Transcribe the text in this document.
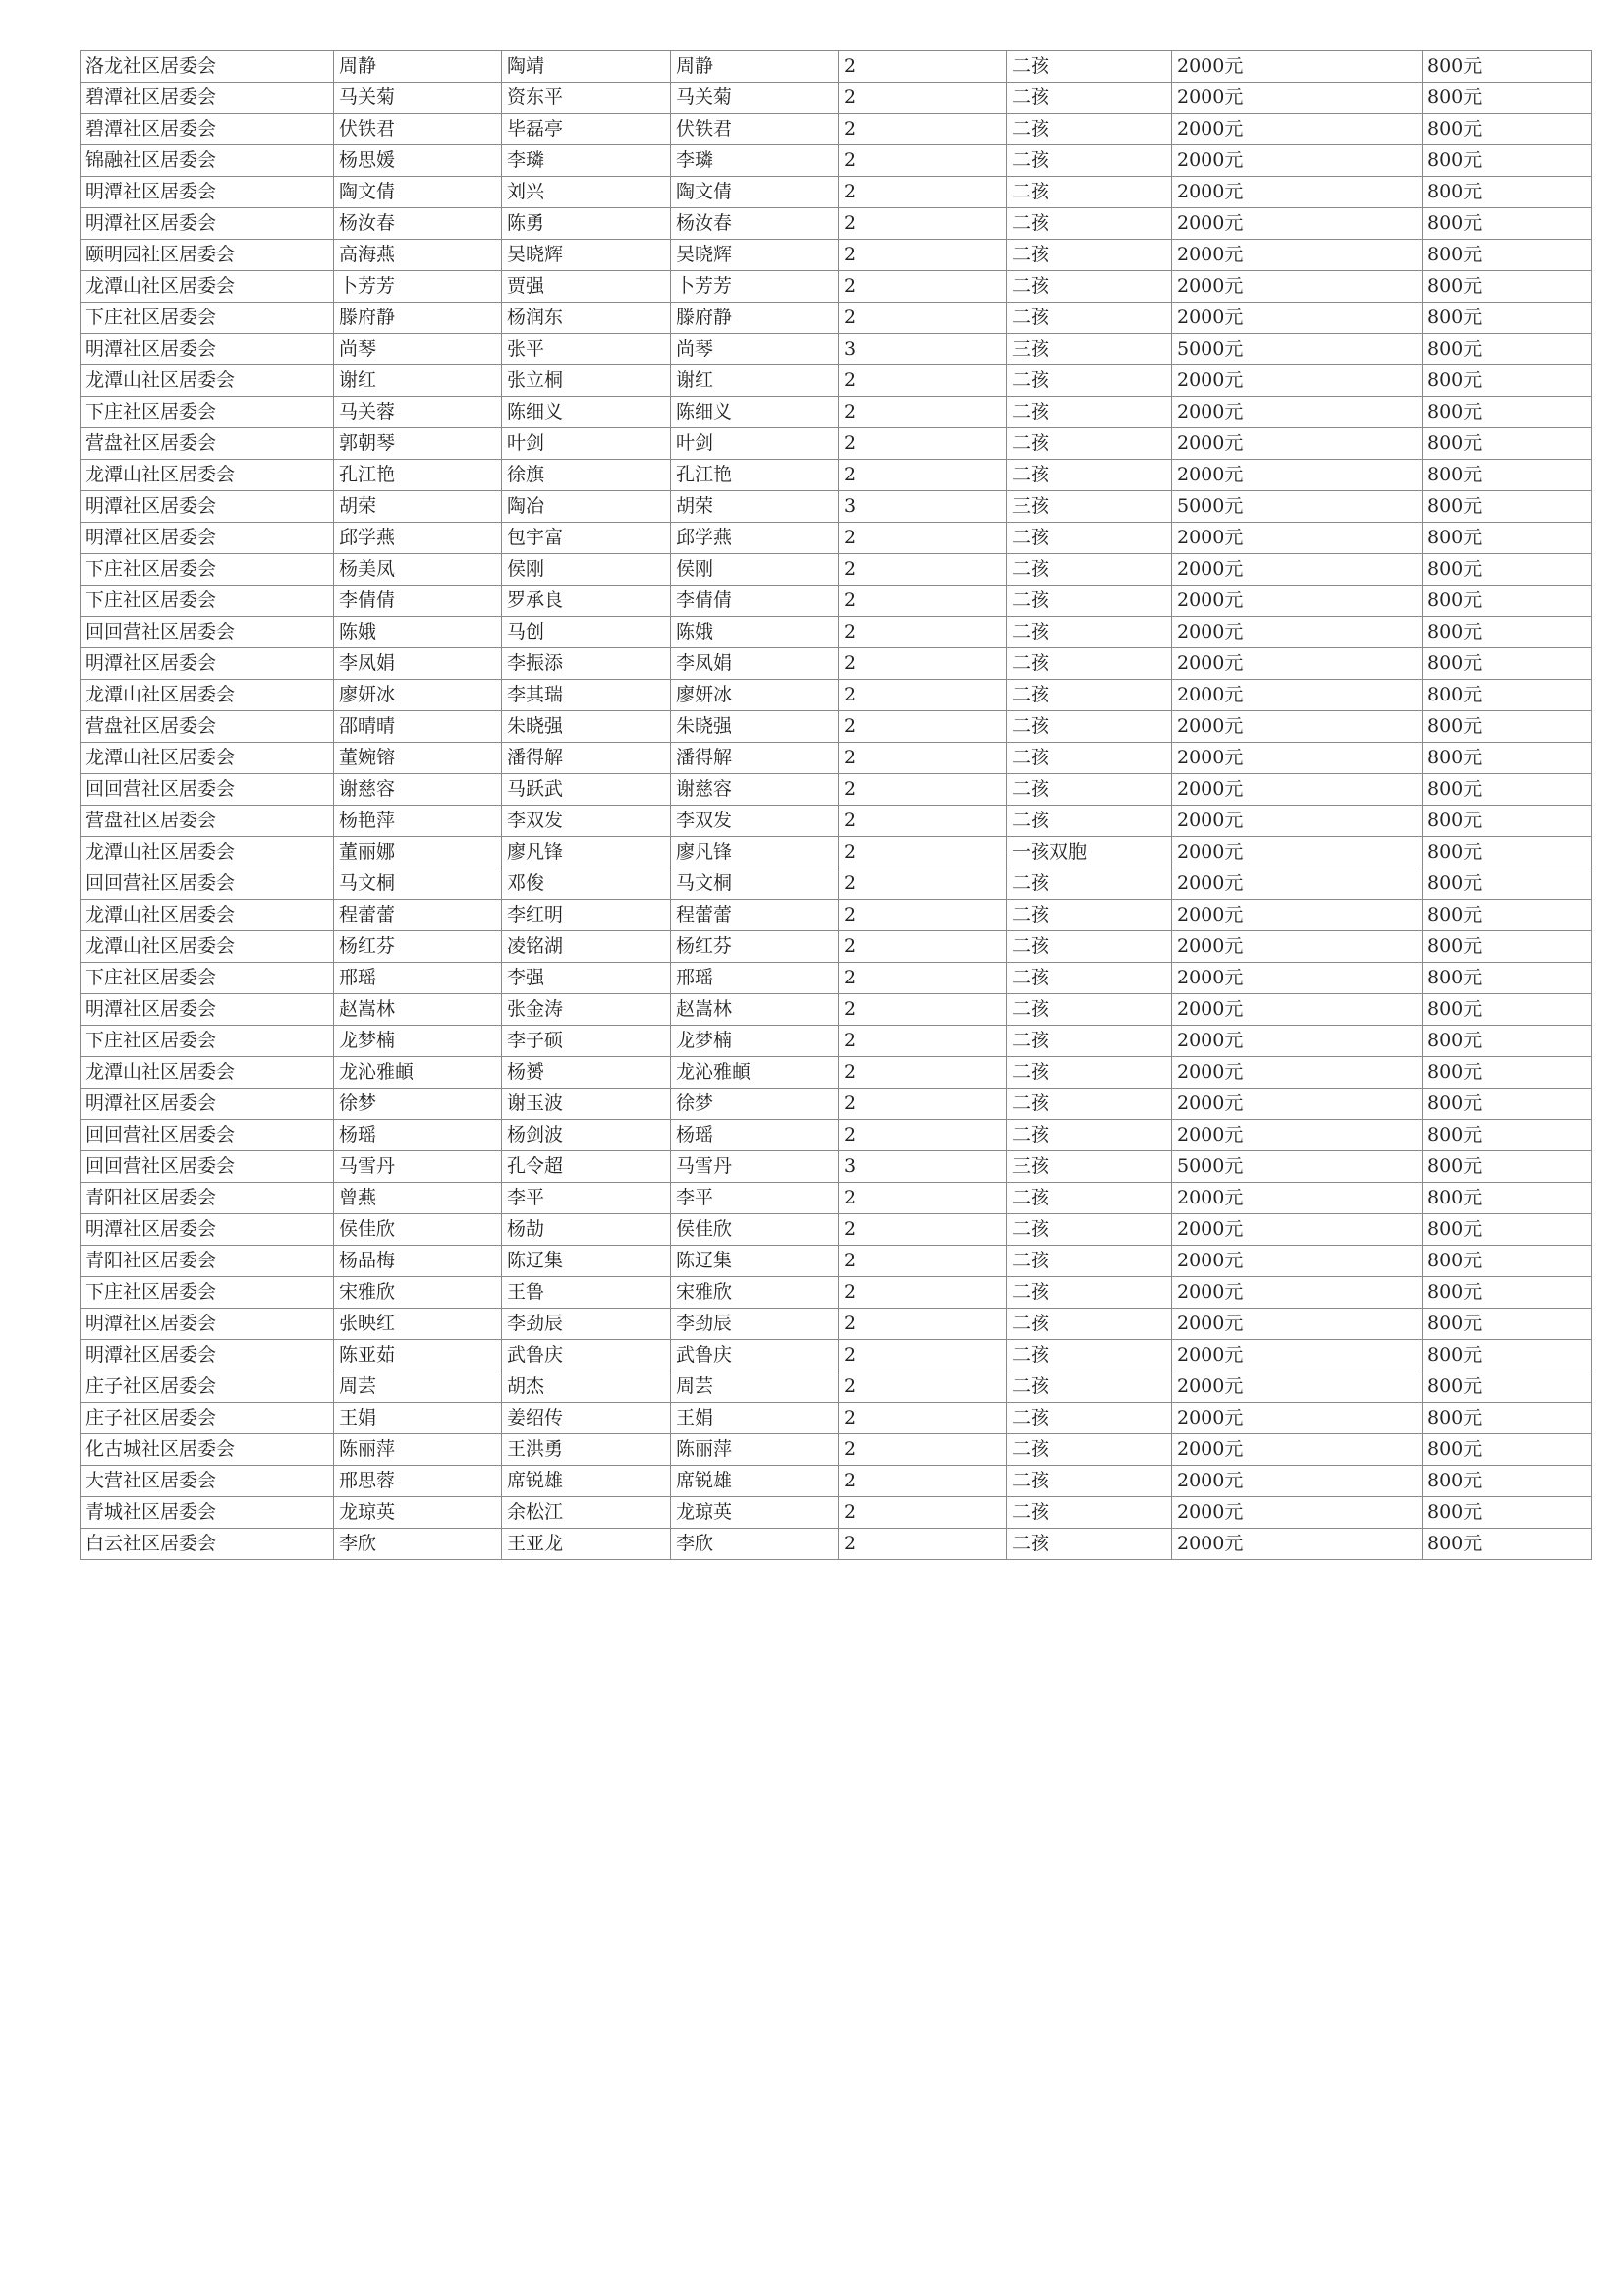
洛龙社区居委会	周静	陶靖	周静	2	二孩	2000元	800元
碧潭社区居委会	马关菊	资东平	马关菊	2	二孩	2000元	800元
碧潭社区居委会	伏铁君	毕磊亭	伏铁君	2	二孩	2000元	800元
锦融社区居委会	杨思媛	李璘	李璘	2	二孩	2000元	800元
明潭社区居委会	陶文倩	刘兴	陶文倩	2	二孩	2000元	800元
明潭社区居委会	杨汝春	陈勇	杨汝春	2	二孩	2000元	800元
颐明园社区居委会	高海燕	吴晓辉	吴晓辉	2	二孩	2000元	800元
龙潭山社区居委会	卜芳芳	贾强	卜芳芳	2	二孩	2000元	800元
下庄社区居委会	滕府静	杨润东	滕府静	2	二孩	2000元	800元
明潭社区居委会	尚琴	张平	尚琴	3	三孩	5000元	800元
龙潭山社区居委会	谢红	张立桐	谢红	2	二孩	2000元	800元
下庄社区居委会	马关蓉	陈细义	陈细义	2	二孩	2000元	800元
营盘社区居委会	郭朝琴	叶剑	叶剑	2	二孩	2000元	800元
龙潭山社区居委会	孔江艳	徐旗	孔江艳	2	二孩	2000元	800元
明潭社区居委会	胡荣	陶冶	胡荣	3	三孩	5000元	800元
明潭社区居委会	邱学燕	包宇富	邱学燕	2	二孩	2000元	800元
下庄社区居委会	杨美凤	侯刚	侯刚	2	二孩	2000元	800元
下庄社区居委会	李倩倩	罗承良	李倩倩	2	二孩	2000元	800元
回回营社区居委会	陈娥	马创	陈娥	2	二孩	2000元	800元
明潭社区居委会	李凤娟	李振添	李凤娟	2	二孩	2000元	800元
龙潭山社区居委会	廖妍冰	李其瑞	廖妍冰	2	二孩	2000元	800元
营盘社区居委会	邵晴晴	朱晓强	朱晓强	2	二孩	2000元	800元
龙潭山社区居委会	董婉镕	潘得解	潘得解	2	二孩	2000元	800元
回回营社区居委会	谢慈容	马跃武	谢慈容	2	二孩	2000元	800元
营盘社区居委会	杨艳萍	李双发	李双发	2	二孩	2000元	800元
龙潭山社区居委会	董丽娜	廖凡锋	廖凡锋	2	一孩双胞	2000元	800元
回回营社区居委会	马文桐	邓俊	马文桐	2	二孩	2000元	800元
龙潭山社区居委会	程蕾蕾	李红明	程蕾蕾	2	二孩	2000元	800元
龙潭山社区居委会	杨红芬	凌铭湖	杨红芬	2	二孩	2000元	800元
下庄社区居委会	邢瑶	李强	邢瑶	2	二孩	2000元	800元
明潭社区居委会	赵嵩林	张金涛	赵嵩林	2	二孩	2000元	800元
下庄社区居委会	龙梦楠	李子硕	龙梦楠	2	二孩	2000元	800元
龙潭山社区居委会	龙沁雅頔	杨赟	龙沁雅頔	2	二孩	2000元	800元
明潭社区居委会	徐梦	谢玉波	徐梦	2	二孩	2000元	800元
回回营社区居委会	杨瑶	杨剑波	杨瑶	2	二孩	2000元	800元
回回营社区居委会	马雪丹	孔令超	马雪丹	3	三孩	5000元	800元
青阳社区居委会	曾燕	李平	李平	2	二孩	2000元	800元
明潭社区居委会	侯佳欣	杨劼	侯佳欣	2	二孩	2000元	800元
青阳社区居委会	杨品梅	陈辽集	陈辽集	2	二孩	2000元	800元
下庄社区居委会	宋雅欣	王鲁	宋雅欣	2	二孩	2000元	800元
明潭社区居委会	张映红	李劲辰	李劲辰	2	二孩	2000元	800元
明潭社区居委会	陈亚茹	武鲁庆	武鲁庆	2	二孩	2000元	800元
庄子社区居委会	周芸	胡杰	周芸	2	二孩	2000元	800元
庄子社区居委会	王娟	姜绍传	王娟	2	二孩	2000元	800元
化古城社区居委会	陈丽萍	王洪勇	陈丽萍	2	二孩	2000元	800元
大营社区居委会	邢思蓉	席锐雄	席锐雄	2	二孩	2000元	800元
青城社区居委会	龙琼英	余松江	龙琼英	2	二孩	2000元	800元
白云社区居委会	李欣	王亚龙	李欣	2	二孩	2000元	800元
